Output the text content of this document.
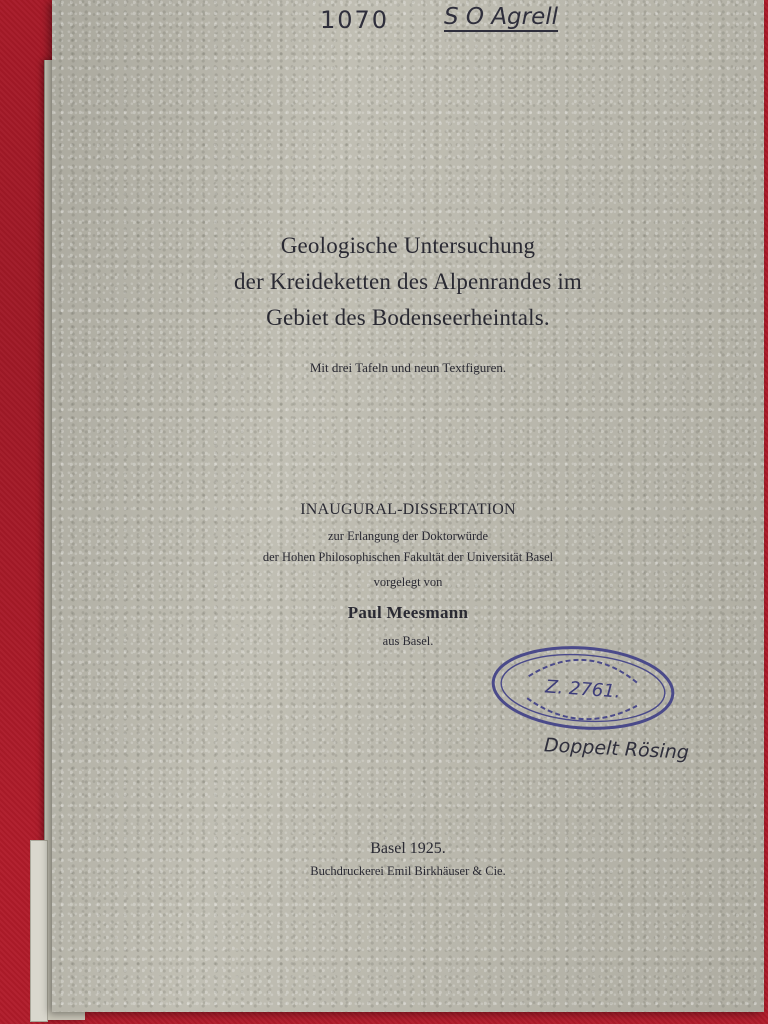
1070 S O Agrell
Geologische Untersuchung
der Kreideketten des Alpenrandes im
Gebiet des Bodenseerheintals.
Mit drei Tafeln und neun Textfiguren.
INAUGURAL-DISSERTATION
zur Erlangung der Doktorwürde
der Hohen Philosophischen Fakultät der Universität Basel
vorgelegt von
Paul Meesmann
aus Basel.
Z. 2761.
Doppelt Rösing
Basel 1925.
Buchdruckerei Emil Birkhäuser & Cie.
